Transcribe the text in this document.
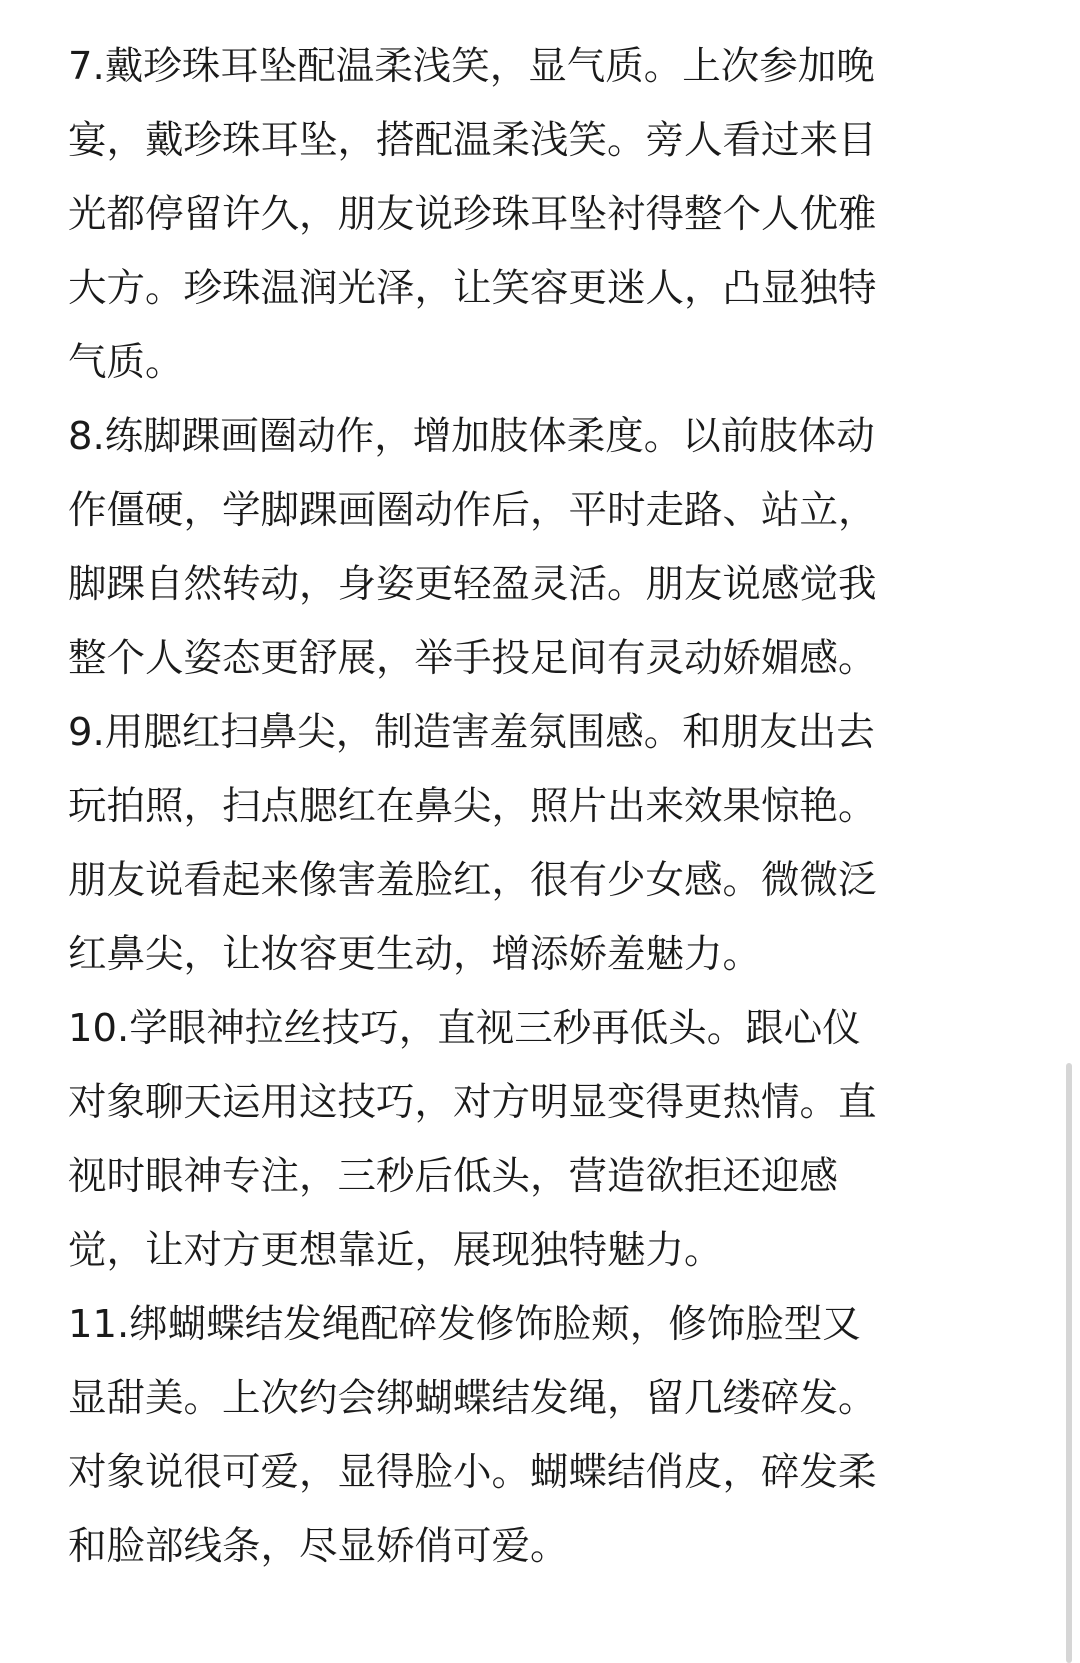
7.戴珍珠耳坠配温柔浅笑，显气质。上次参加晚
宴，戴珍珠耳坠，搭配温柔浅笑。旁人看过来目
光都停留许久，朋友说珍珠耳坠衬得整个人优雅
大方。珍珠温润光泽，让笑容更迷人，凸显独特
气质。
8.练脚踝画圈动作，增加肢体柔度。以前肢体动
作僵硬，学脚踝画圈动作后，平时走路、站立，
脚踝自然转动，身姿更轻盈灵活。朋友说感觉我
整个人姿态更舒展，举手投足间有灵动娇媚感。
9.用腮红扫鼻尖，制造害羞氛围感。和朋友出去
玩拍照，扫点腮红在鼻尖，照片出来效果惊艳。
朋友说看起来像害羞脸红，很有少女感。微微泛
红鼻尖，让妆容更生动，增添娇羞魅力。
10.学眼神拉丝技巧，直视三秒再低头。跟心仪
对象聊天运用这技巧，对方明显变得更热情。直
视时眼神专注，三秒后低头，营造欲拒还迎感
觉，让对方更想靠近，展现独特魅力。
11.绑蝴蝶结发绳配碎发修饰脸颊，修饰脸型又
显甜美。上次约会绑蝴蝶结发绳，留几缕碎发。
对象说很可爱，显得脸小。蝴蝶结俏皮，碎发柔
和脸部线条，尽显娇俏可爱。
